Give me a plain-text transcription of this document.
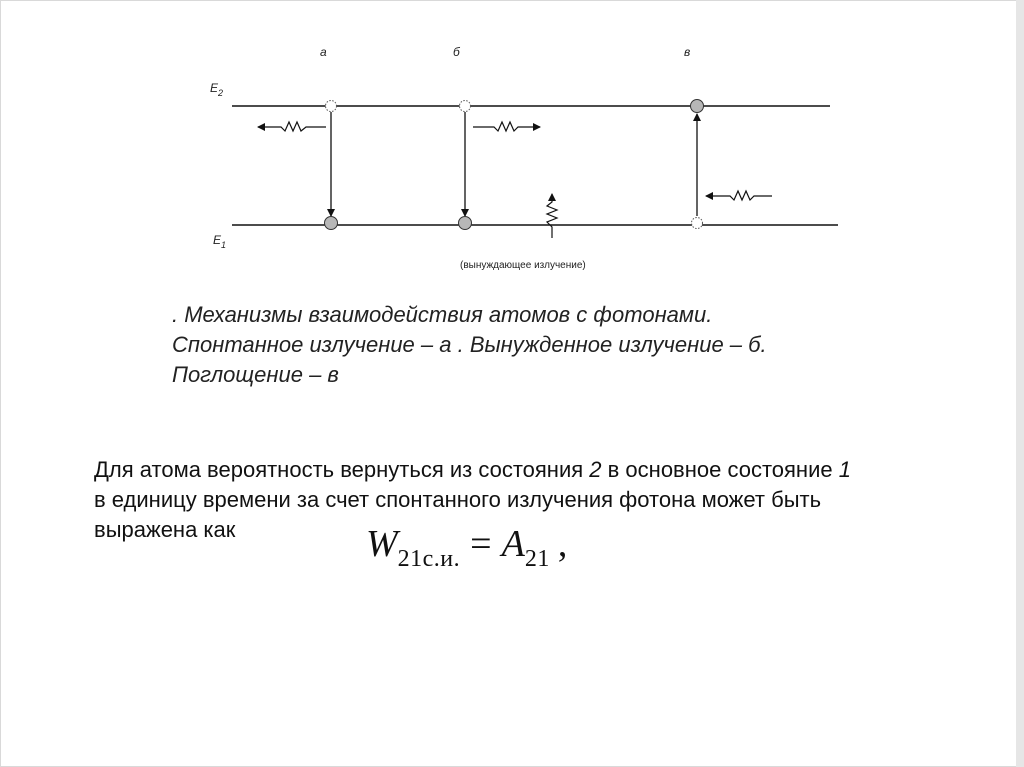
а	б	в
$E_2$
$E_1$
(вынуждающее излучение)
. Механизмы взаимодействия атомов с фотонами.
Спонтанное излучение – а . Вынужденное излучение – б.
Поглощение – в
Для атома вероятность вернуться из состояния 2 в основное состояние 1
в единицу времени за счет спонтанного излучения фотона может быть
выражена как	$W_{21с.и.} = A_{21}$ ,
